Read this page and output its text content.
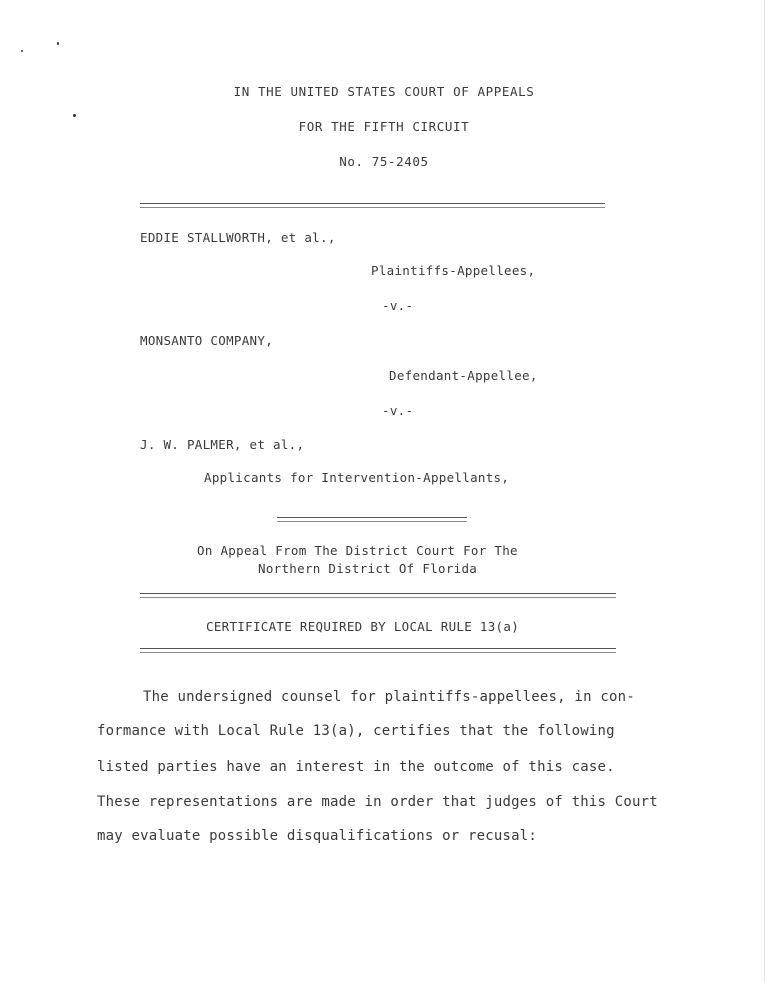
IN THE UNITED STATES COURT OF APPEALS
FOR THE FIFTH CIRCUIT
No. 75-2405
EDDIE STALLWORTH, et al.,
Plaintiffs-Appellees,
-v.-
MONSANTO COMPANY,
Defendant-Appellee,
-v.-
J. W. PALMER, et al.,
Applicants for Intervention-Appellants,
On Appeal From The District Court For The
Northern District Of Florida
CERTIFICATE REQUIRED BY LOCAL RULE 13(a)
The undersigned counsel for plaintiffs-appellees, in con-
formance with Local Rule 13(a), certifies that the following
listed parties have an interest in the outcome of this case.
These representations are made in order that judges of this Court
may evaluate possible disqualifications or recusal:
